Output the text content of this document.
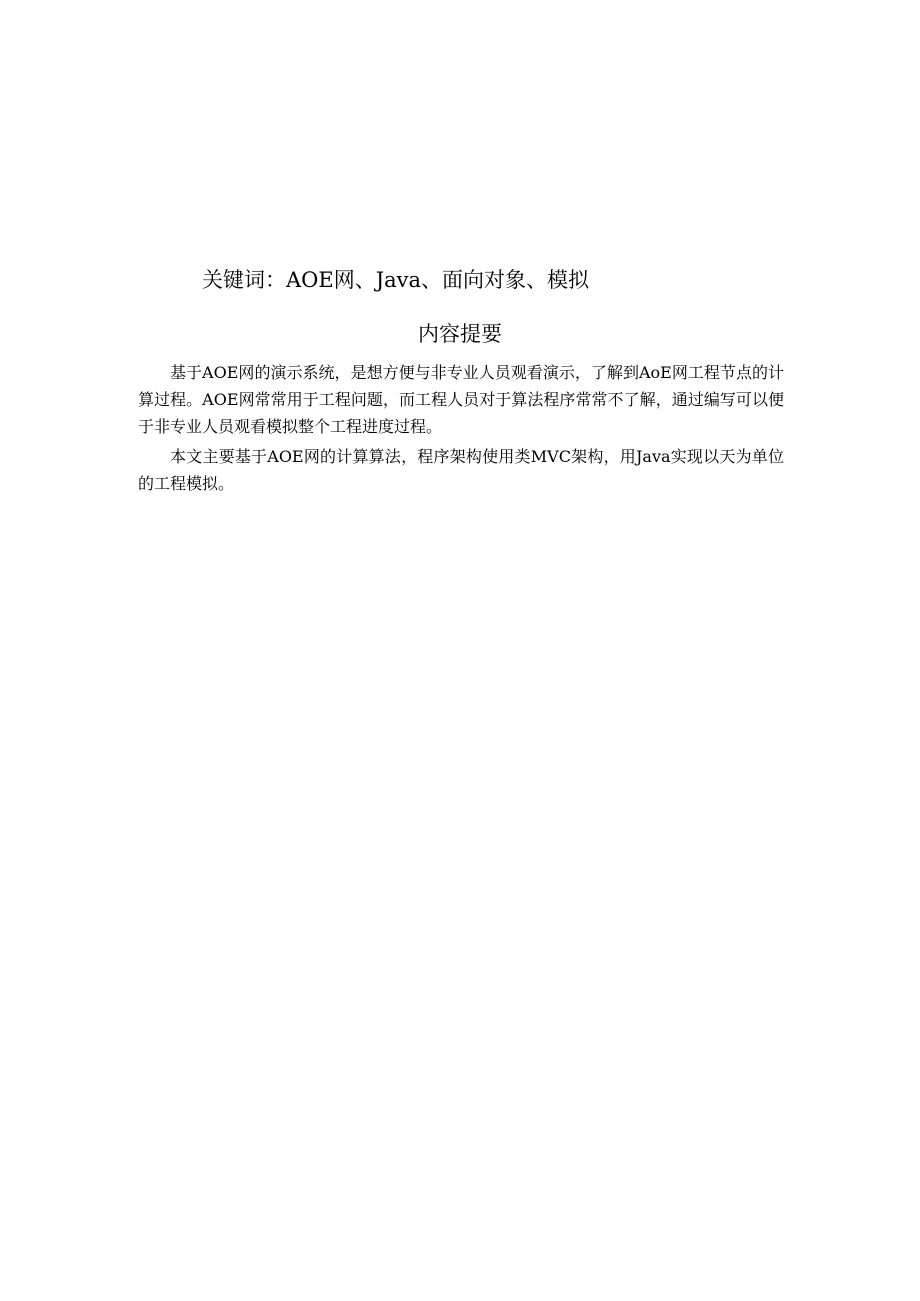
关键词：AOE网、Java、面向对象、模拟
内容提要

基于AOE网的演示系统，是想方便与非专业人员观看演示，了解到AoE网工程节点的计算过程。AOE网常常用于工程问题，而工程人员对于算法程序常常不了解，通过编写可以便于非专业人员观看模拟整个工程进度过程。

本文主要基于AOE网的计算算法，程序架构使用类MVC架构，用Java实现以天为单位的工程模拟。
